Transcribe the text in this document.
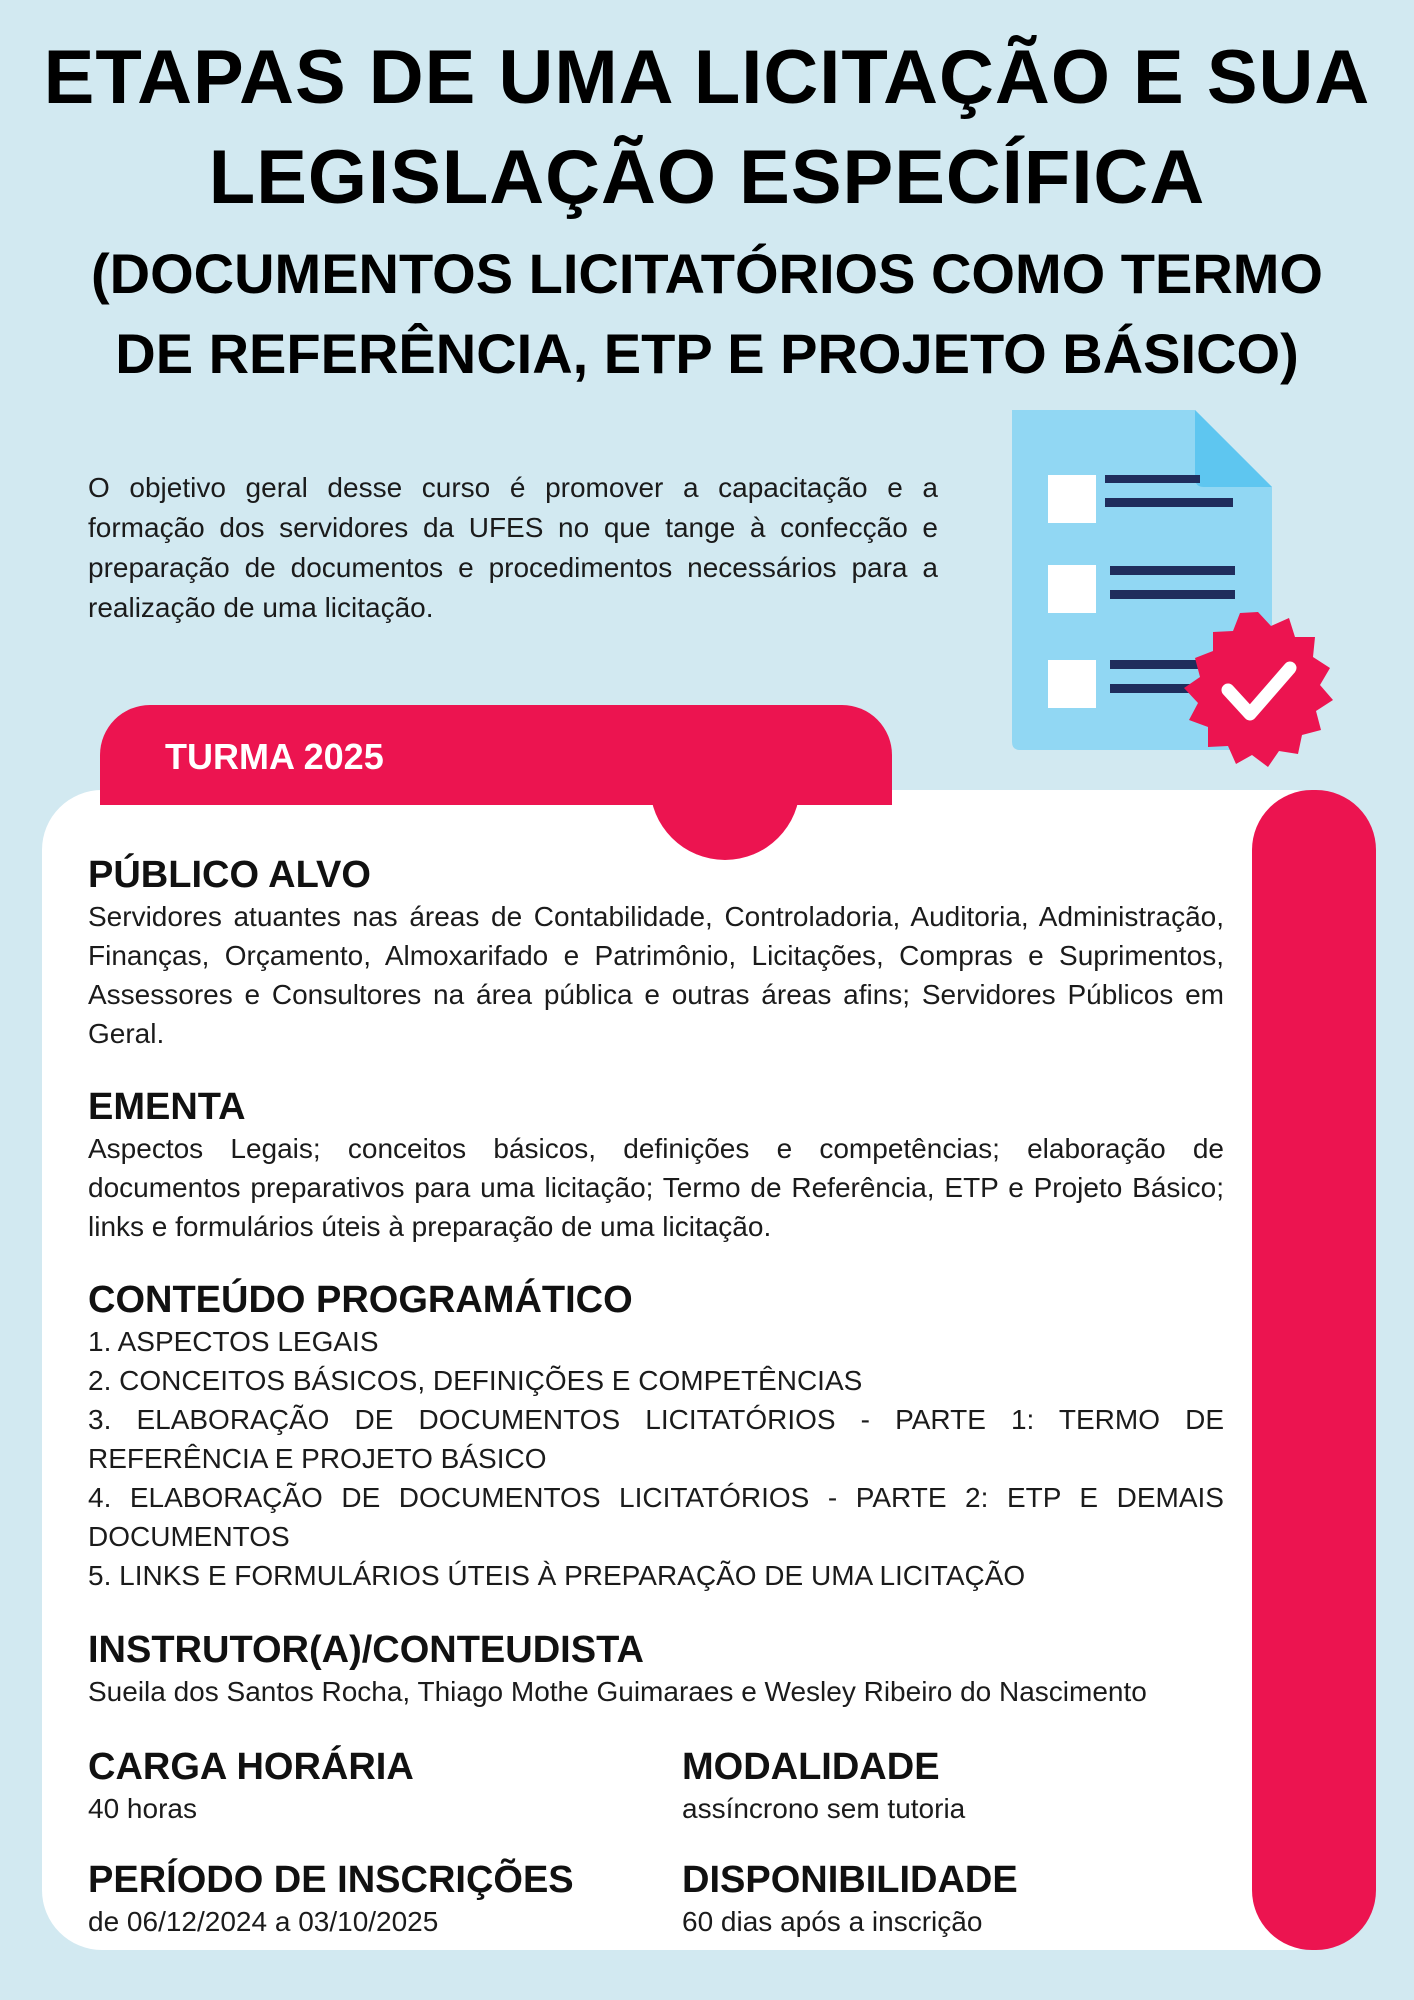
ETAPAS DE UMA LICITAÇÃO E SUA
LEGISLAÇÃO ESPECÍFICA
(DOCUMENTOS LICITATÓRIOS COMO TERMO
DE REFERÊNCIA, ETP E PROJETO BÁSICO)
O objetivo geral desse curso é promover a capacitação e a formação dos servidores da UFES no que tange à confecção e preparação de documentos e procedimentos necessários para a realização de uma licitação.
TURMA 2025
PÚBLICO ALVO
Servidores atuantes nas áreas de Contabilidade, Controladoria, Auditoria, Administração, Finanças, Orçamento, Almoxarifado e Patrimônio, Licitações, Compras e Suprimentos, Assessores e Consultores na área pública e outras áreas afins; Servidores Públicos em Geral.
EMENTA
Aspectos Legais; conceitos básicos, definições e competências; elaboração de documentos preparativos para uma licitação; Termo de Referência, ETP e Projeto Básico; links e formulários úteis à preparação de uma licitação.
CONTEÚDO PROGRAMÁTICO

1. ASPECTOS LEGAIS

2. CONCEITOS BÁSICOS, DEFINIÇÕES E COMPETÊNCIAS

3. ELABORAÇÃO DE DOCUMENTOS LICITATÓRIOS - PARTE 1: TERMO DE REFERÊNCIA E PROJETO BÁSICO

4. ELABORAÇÃO DE DOCUMENTOS LICITATÓRIOS - PARTE 2: ETP E DEMAIS DOCUMENTOS

5. LINKS E FORMULÁRIOS ÚTEIS À PREPARAÇÃO DE UMA LICITAÇÃO

INSTRUTOR(A)/CONTEUDISTA
Sueila dos Santos Rocha, Thiago Mothe Guimaraes e Wesley Ribeiro do Nascimento
CARGA HORÁRIA
40 horas
MODALIDADE
assíncrono sem tutoria
PERÍODO DE INSCRIÇÕES
de 06/12/2024 a 03/10/2025
DISPONIBILIDADE
60 dias após a inscrição
